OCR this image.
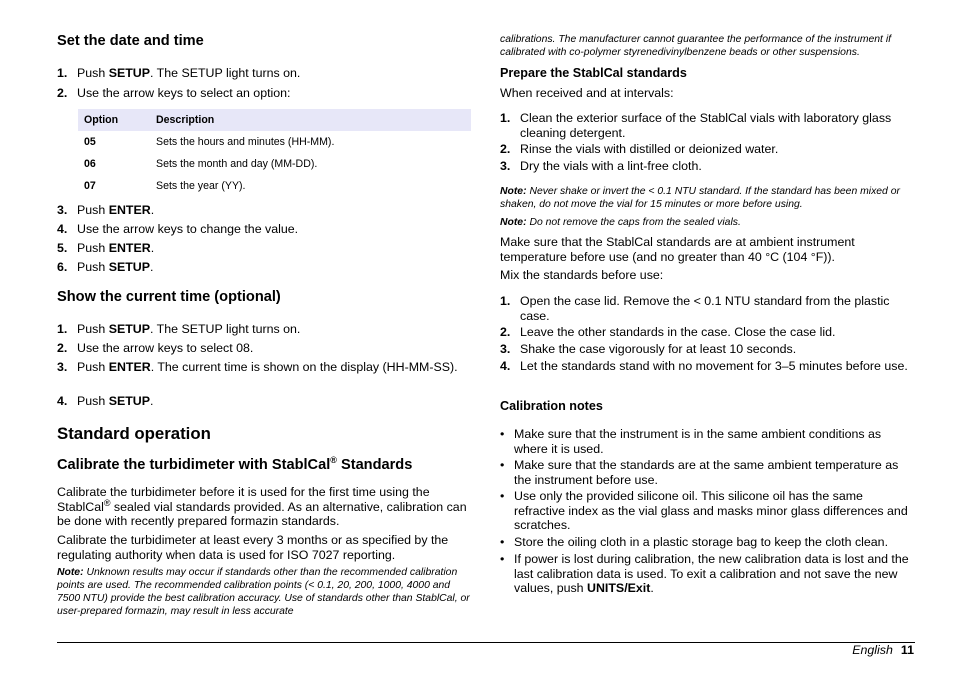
Set the date and time
1. Push SETUP. The SETUP light turns on.
2. Use the arrow keys to select an option:
Option	Description
05	Sets the hours and minutes (HH-MM).
06	Sets the month and day (MM-DD).
07	Sets the year (YY).
3. Push ENTER.
4. Use the arrow keys to change the value.
5. Push ENTER.
6. Push SETUP.
Show the current time (optional)
1. Push SETUP. The SETUP light turns on.
2. Use the arrow keys to select 08.
3. Push ENTER. The current time is shown on the display (HH-MM-SS).
4. Push SETUP.
Standard operation
Calibrate the turbidimeter with StablCal® Standards

Calibrate the turbidimeter before it is used for the first time using the StablCal® sealed vial standards provided. As an alternative, calibration can be done with recently prepared formazin standards.

Calibrate the turbidimeter at least every 3 months or as specified by the regulating authority when data is used for ISO 7027 reporting.

Note: Unknown results may occur if standards other than the recommended calibration points are used. The recommended calibration points (< 0.1, 20, 200, 1000, 4000 and 7500 NTU) provide the best calibration accuracy. Use of standards other than StablCal, or user-prepared formazin, may result in less accurate

calibrations. The manufacturer cannot guarantee the performance of the instrument if calibrated with co-polymer styrenedivinylbenzene beads or other suspensions.

Prepare the StablCal standards

When received and at intervals:

1. Clean the exterior surface of the StablCal vials with laboratory glass cleaning detergent.
2. Rinse the vials with distilled or deionized water.
3. Dry the vials with a lint-free cloth.

Note: Never shake or invert the < 0.1 NTU standard. If the standard has been mixed or shaken, do not move the vial for 15 minutes or more before using.

Note: Do not remove the caps from the sealed vials.

Make sure that the StablCal standards are at ambient instrument temperature before use (and no greater than 40 °C (104 °F)).

Mix the standards before use:

1. Open the case lid. Remove the < 0.1 NTU standard from the plastic case.
2. Leave the other standards in the case. Close the case lid.
3. Shake the case vigorously for at least 10 seconds.
4. Let the standards stand with no movement for 3–5 minutes before use.
Calibration notes
• Make sure that the instrument is in the same ambient conditions as where it is used.
• Make sure that the standards are at the same ambient temperature as the instrument before use.
• Use only the provided silicone oil. This silicone oil has the same refractive index as the vial glass and masks minor glass differences and scratches.
• Store the oiling cloth in a plastic storage bag to keep the cloth clean.
• If power is lost during calibration, the new calibration data is lost and the last calibration data is used. To exit a calibration and not save the new values, push UNITS/Exit.
English 11
